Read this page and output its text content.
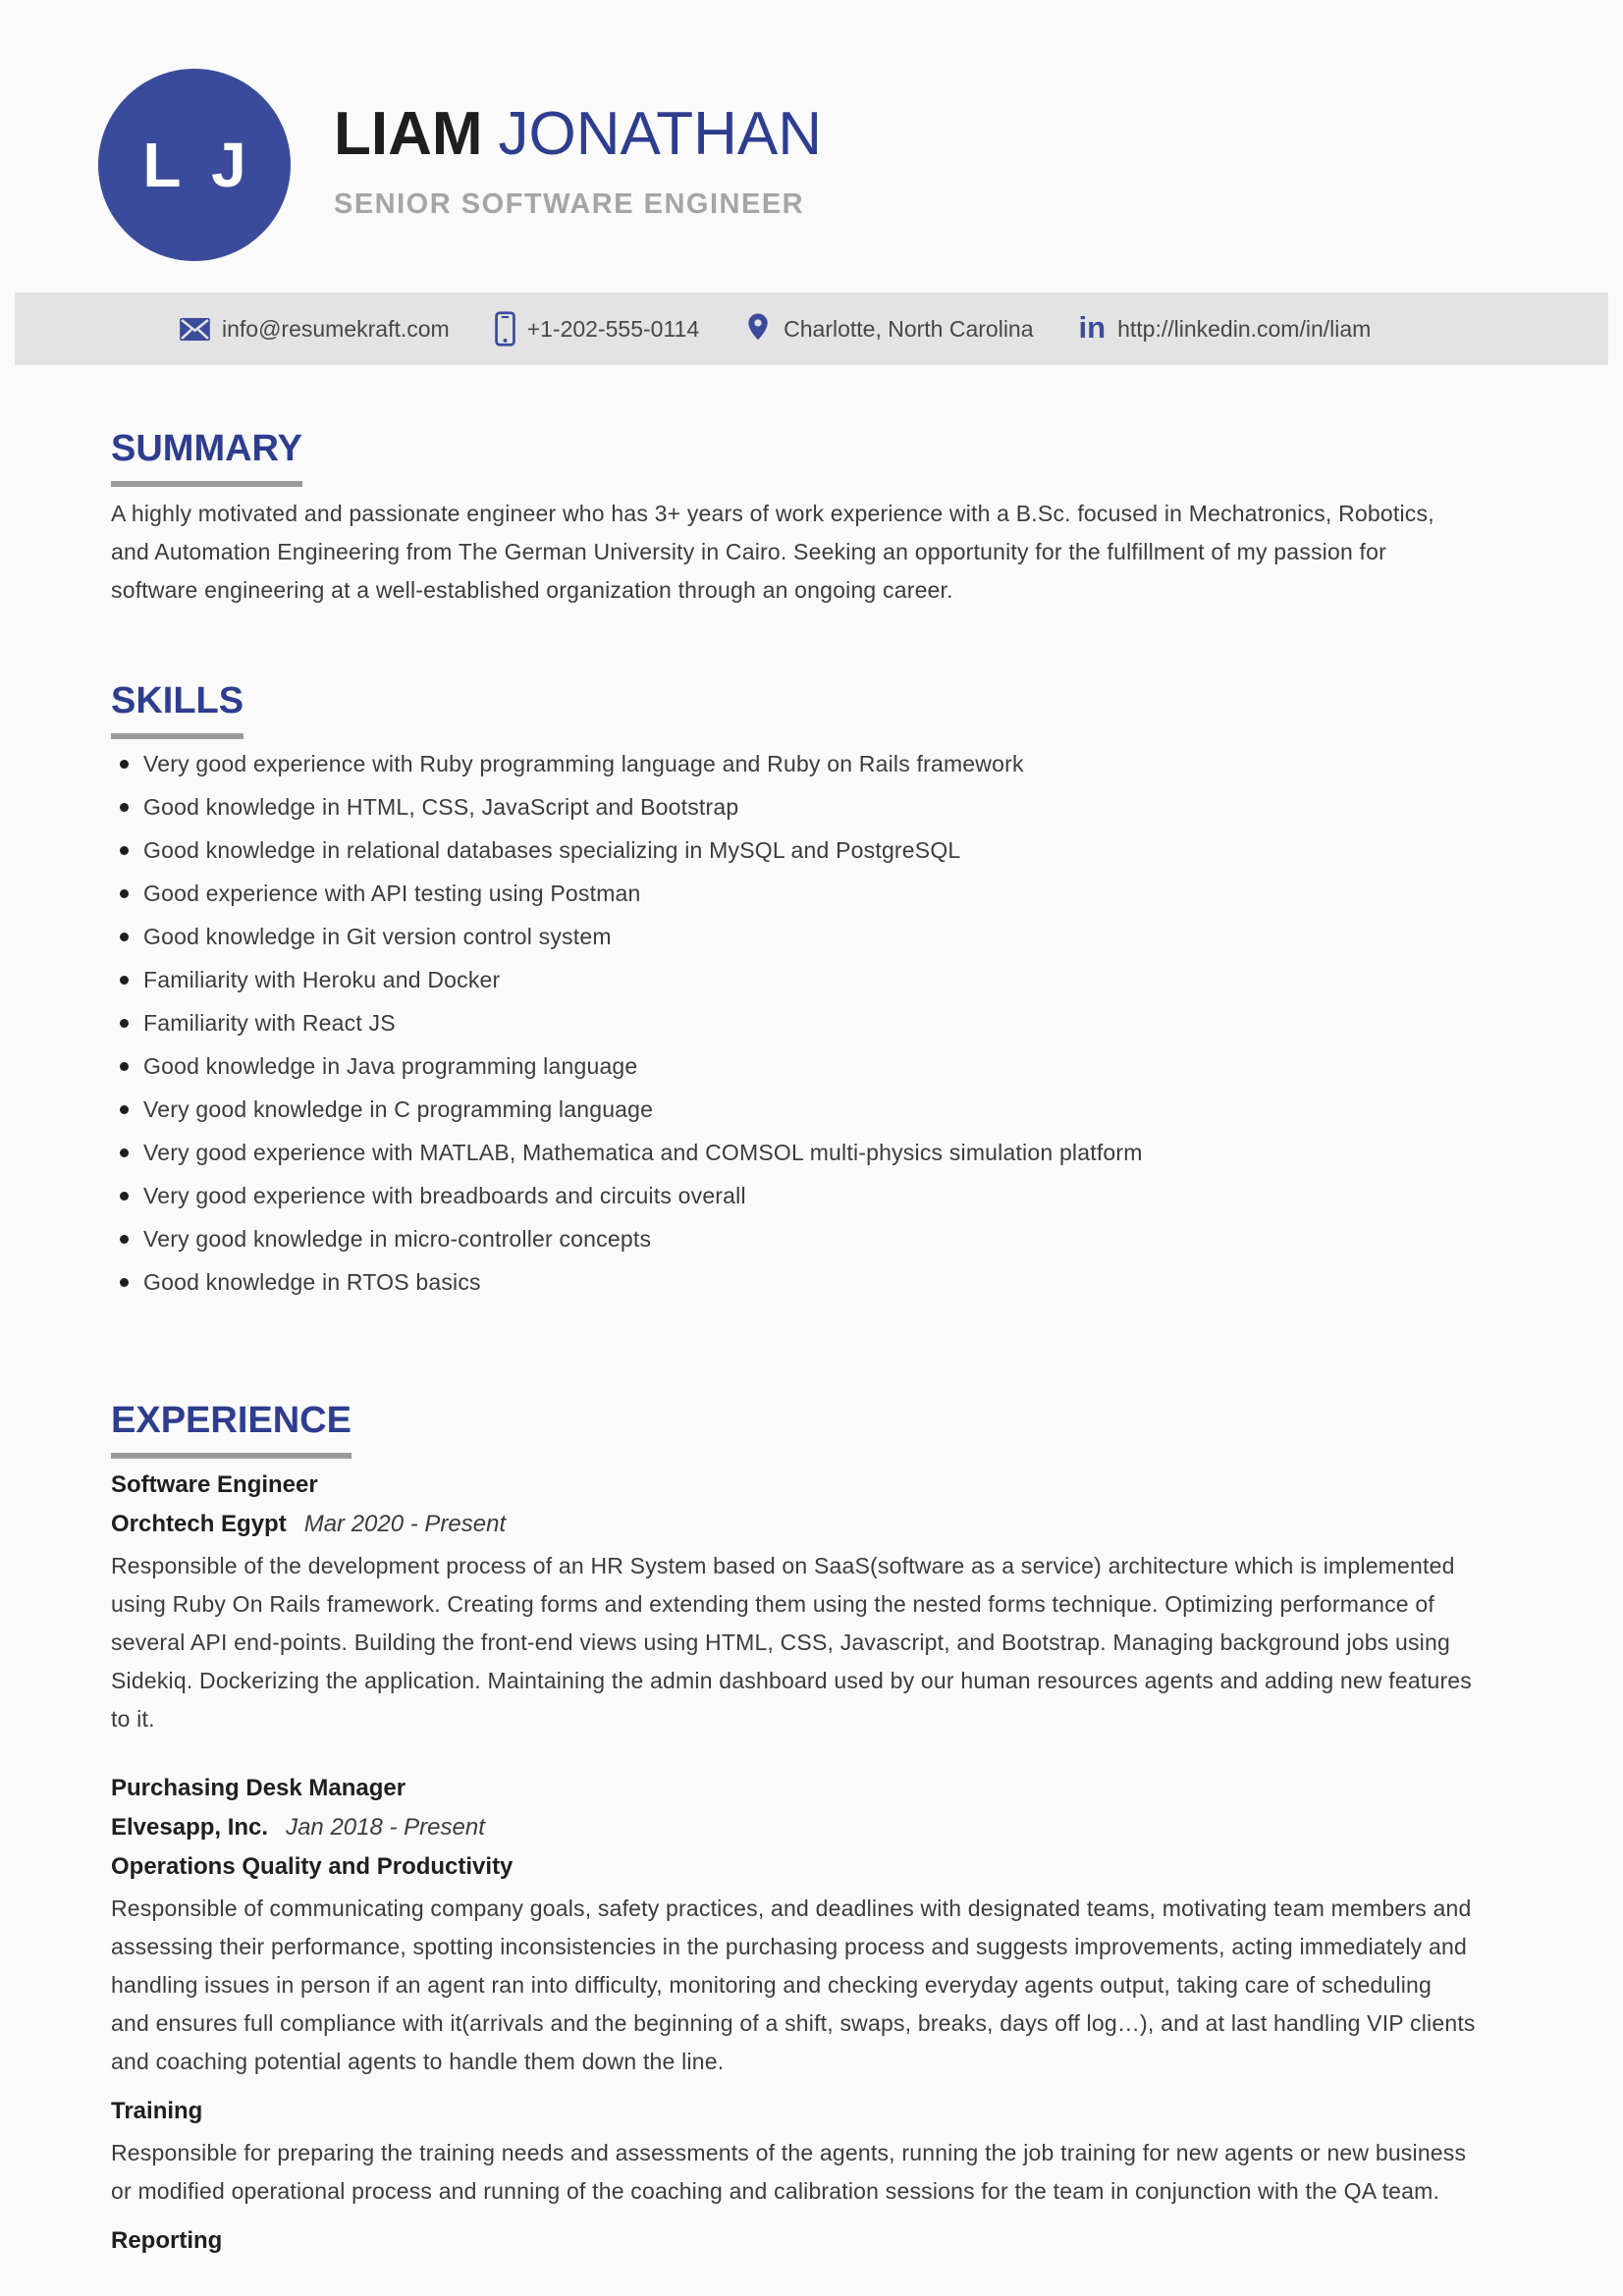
L J LIAM JONATHAN
SENIOR SOFTWARE ENGINEER
info@resumekraft.com	+1-202-555-0114	Charlotte, North Carolina in http://linkedin.com/in/liam
SUMMARY

A highly motivated and passionate engineer who has 3+ years of work experience with a B.Sc. focused in Mechatronics, Robotics, and Automation Engineering from The German University in Cairo. Seeking an opportunity for the fulfillment of my passion for software engineering at a well-established organization through an ongoing career.

SKILLS
Very good experience with Ruby programming language and Ruby on Rails framework
Good knowledge in HTML, CSS, JavaScript and Bootstrap
Good knowledge in relational databases specializing in MySQL and PostgreSQL
Good experience with API testing using Postman
Good knowledge in Git version control system
Familiarity with Heroku and Docker
Familiarity with React JS
Good knowledge in Java programming language
Very good knowledge in C programming language
Very good experience with MATLAB, Mathematica and COMSOL multi-physics simulation platform
Very good experience with breadboards and circuits overall
Very good knowledge in micro-controller concepts
Good knowledge in RTOS basics
EXPERIENCE
Software Engineer
Orchtech Egypt Mar 2020 - Present

Responsible of the development process of an HR System based on SaaS(software as a service) architecture which is implemented using Ruby On Rails framework. Creating forms and extending them using the nested forms technique. Optimizing performance of several API end-points. Building the front-end views using HTML, CSS, Javascript, and Bootstrap. Managing background jobs using Sidekiq. Dockerizing the application. Maintaining the admin dashboard used by our human resources agents and adding new features to it.

Purchasing Desk Manager
Elvesapp, Inc. Jan 2018 - Present
Operations Quality and Productivity

Responsible of communicating company goals, safety practices, and deadlines with designated teams, motivating team members and assessing their performance, spotting inconsistencies in the purchasing process and suggests improvements, acting immediately and handling issues in person if an agent ran into difficulty, monitoring and checking everyday agents output, taking care of scheduling and ensures full compliance with it(arrivals and the beginning of a shift, swaps, breaks, days off log…), and at last handling VIP clients and coaching potential agents to handle them down the line.

Training

Responsible for preparing the training needs and assessments of the agents, running the job training for new agents or new business or modified operational process and running of the coaching and calibration sessions for the team in conjunction with the QA team.

Reporting
